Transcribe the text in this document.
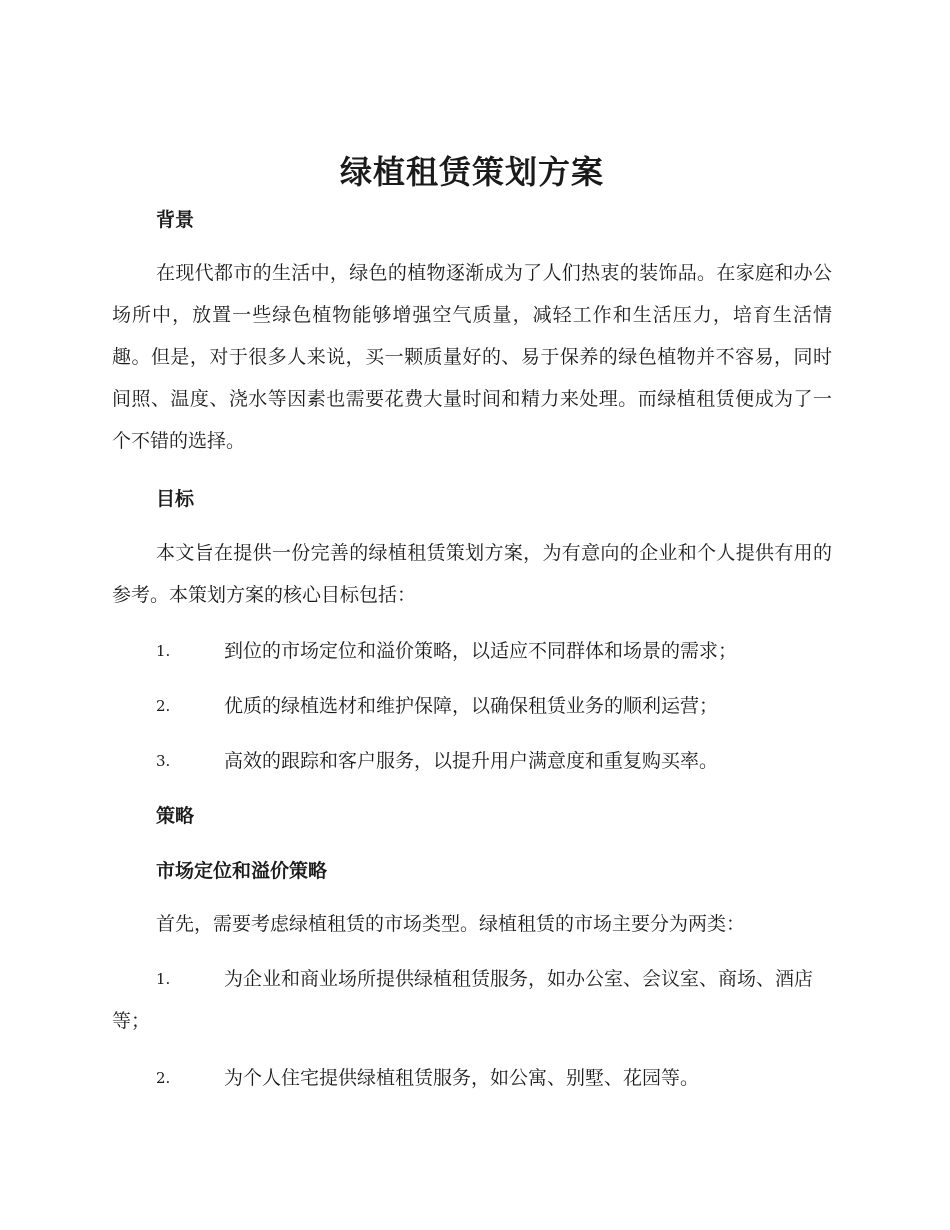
绿植租赁策划方案
背景
在现代都市的生活中，绿色的植物逐渐成为了人们热衷的装饰品。在家庭和办公场所中，放置一些绿色植物能够增强空气质量，减轻工作和生活压力，培育生活情趣。但是，对于很多人来说，买一颗质量好的、易于保养的绿色植物并不容易，同时间照、温度、浇水等因素也需要花费大量时间和精力来处理。而绿植租赁便成为了一个不错的选择。
目标
本文旨在提供一份完善的绿植租赁策划方案，为有意向的企业和个人提供有用的参考。本策划方案的核心目标包括：
1.	到位的市场定位和溢价策略，以适应不同群体和场景的需求；
2.	优质的绿植选材和维护保障，以确保租赁业务的顺利运营；
3.	高效的跟踪和客户服务，以提升用户满意度和重复购买率。
策略
市场定位和溢价策略
首先，需要考虑绿植租赁的市场类型。绿植租赁的市场主要分为两类：
1.	为企业和商业场所提供绿植租赁服务，如办公室、会议室、商场、酒店等；
2.	为个人住宅提供绿植租赁服务，如公寓、别墅、花园等。
